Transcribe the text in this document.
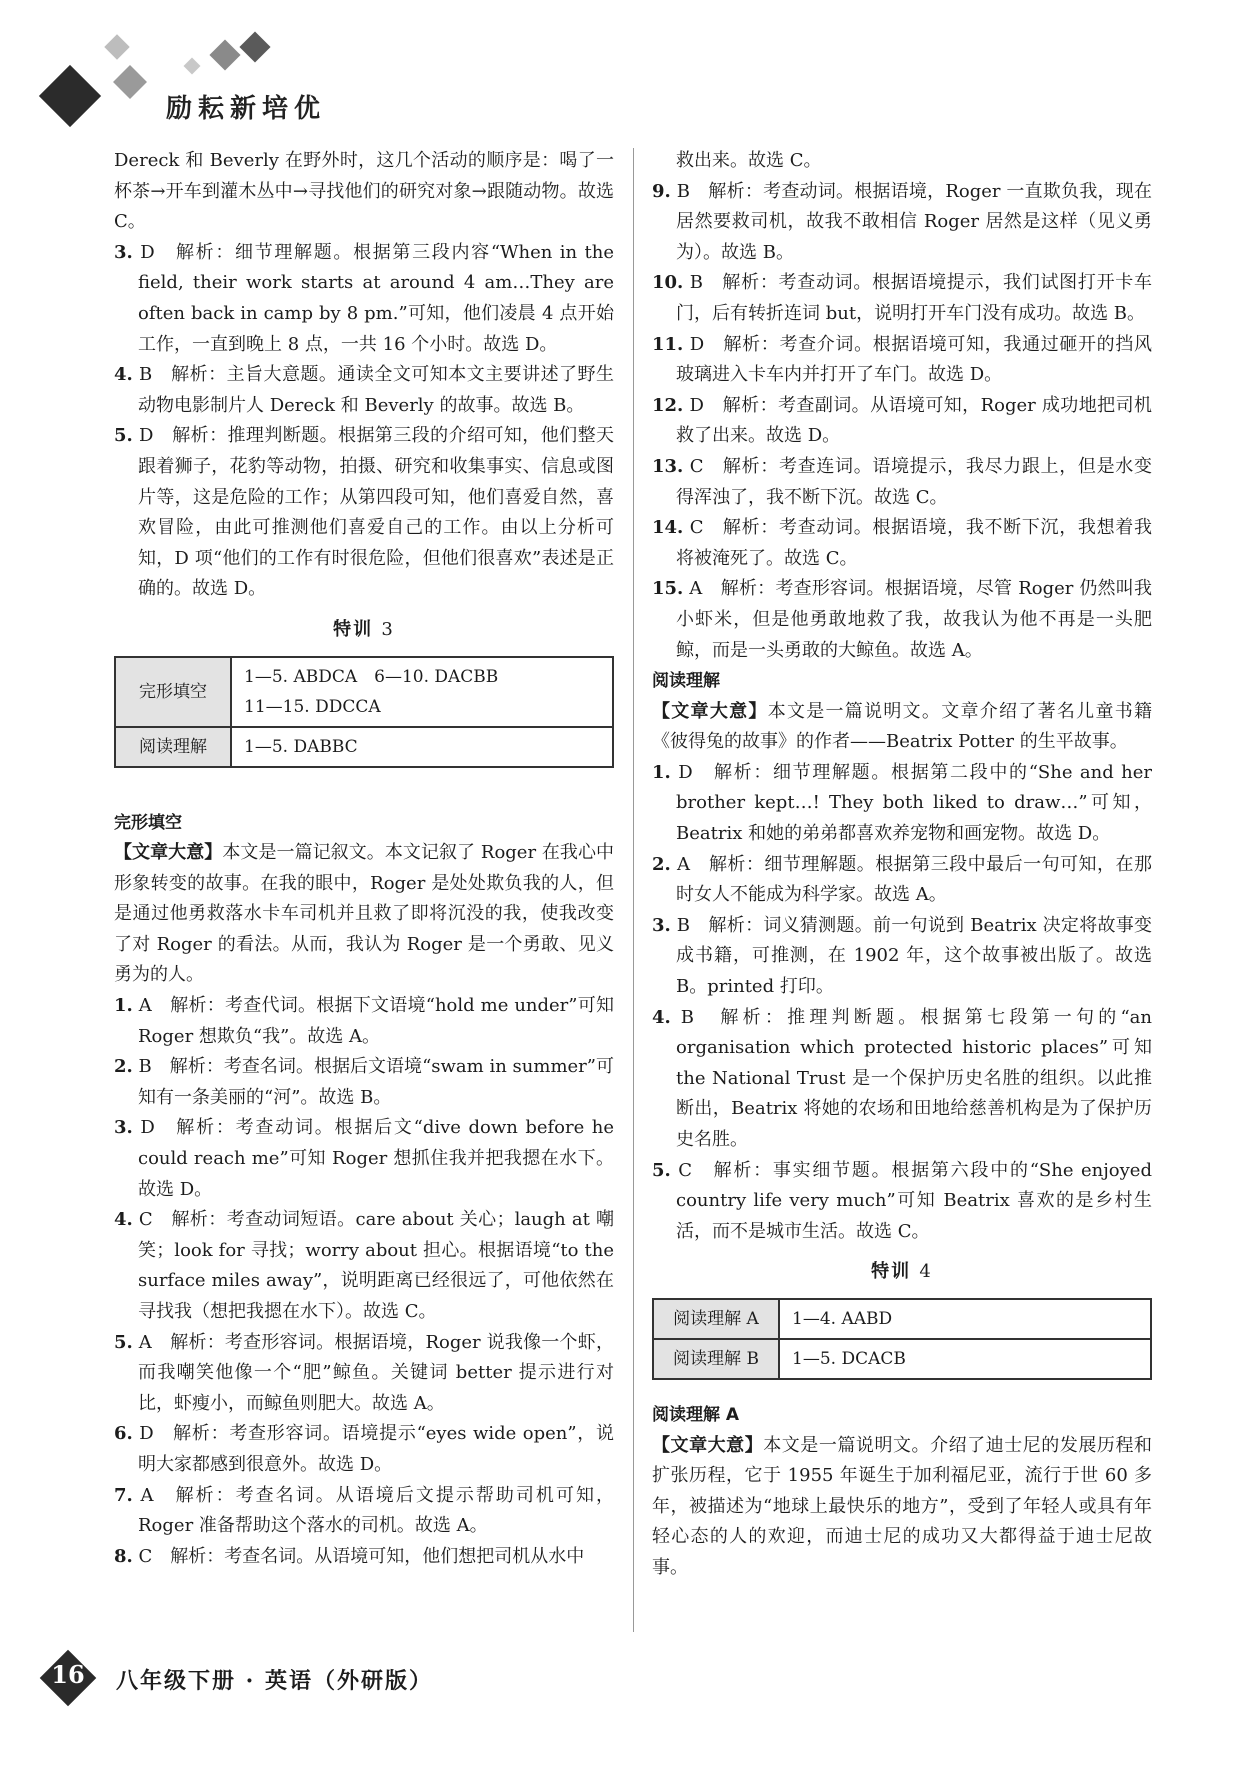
励耘新培优

Dereck 和 Beverly 在野外时，这几个活动的顺序是：喝了一杯茶→开车到灌木丛中→寻找他们的研究对象→跟随动物。故选 C。

3. D　解析：细节理解题。根据第三段内容“When in the field, their work starts at around 4 am…They are often back in camp by 8 pm.”可知，他们凌晨 4 点开始工作，一直到晚上 8 点，一共 16 个小时。故选 D。

4. B　解析：主旨大意题。通读全文可知本文主要讲述了野生动物电影制片人 Dereck 和 Beverly 的故事。故选 B。

5. D　解析：推理判断题。根据第三段的介绍可知，他们整天跟着狮子，花豹等动物，拍摄、研究和收集事实、信息或图片等，这是危险的工作；从第四段可知，他们喜爱自然，喜欢冒险，由此可推测他们喜爱自己的工作。由以上分析可知，D 项“他们的工作有时很危险，但他们很喜欢”表述是正确的。故选 D。

特训 3
完形填空	1—5. ABDCA　6—10. DACBB
11—15. DDCCA

阅读理解	1—5. DABBC

完形填空

【文章大意】本文是一篇记叙文。本文记叙了 Roger 在我心中形象转变的故事。在我的眼中，Roger 是处处欺负我的人，但是通过他勇救落水卡车司机并且救了即将沉没的我，使我改变了对 Roger 的看法。从而，我认为 Roger 是一个勇敢、见义勇为的人。

1. A　解析：考查代词。根据下文语境“hold me under”可知 Roger 想欺负“我”。故选 A。

2. B　解析：考查名词。根据后文语境“swam in summer”可知有一条美丽的“河”。故选 B。

3. D　解析：考查动词。根据后文“dive down before he could reach me”可知 Roger 想抓住我并把我摁在水下。故选 D。

4. C　解析：考查动词短语。care about 关心；laugh at 嘲笑；look for 寻找；worry about 担心。根据语境“to the surface miles away”，说明距离已经很远了，可他依然在寻找我（想把我摁在水下）。故选 C。

5. A　解析：考查形容词。根据语境，Roger 说我像一个虾，而我嘲笑他像一个“肥”鲸鱼。关键词 better 提示进行对比，虾瘦小，而鲸鱼则肥大。故选 A。

6. D　解析：考查形容词。语境提示“eyes wide open”，说明大家都感到很意外。故选 D。

7. A　解析：考查名词。从语境后文提示帮助司机可知，Roger 准备帮助这个落水的司机。故选 A。

8. C　解析：考查名词。从语境可知，他们想把司机从水中

救出来。故选 C。

9. B　解析：考查动词。根据语境，Roger 一直欺负我，现在居然要救司机，故我不敢相信 Roger 居然是这样（见义勇为）。故选 B。

10. B　解析：考查动词。根据语境提示，我们试图打开卡车门，后有转折连词 but，说明打开车门没有成功。故选 B。

11. D　解析：考查介词。根据语境可知，我通过砸开的挡风玻璃进入卡车内并打开了车门。故选 D。

12. D　解析：考查副词。从语境可知，Roger 成功地把司机救了出来。故选 D。

13. C　解析：考查连词。语境提示，我尽力跟上，但是水变得浑浊了，我不断下沉。故选 C。

14. C　解析：考查动词。根据语境，我不断下沉，我想着我将被淹死了。故选 C。

15. A　解析：考查形容词。根据语境，尽管 Roger 仍然叫我小虾米，但是他勇敢地救了我，故我认为他不再是一头肥鲸，而是一头勇敢的大鲸鱼。故选 A。

阅读理解

【文章大意】本文是一篇说明文。文章介绍了著名儿童书籍《彼得兔的故事》的作者——Beatrix Potter 的生平故事。

1. D　解析：细节理解题。根据第二段中的“She and her brother kept…! They both liked to draw…”可知，Beatrix 和她的弟弟都喜欢养宠物和画宠物。故选 D。

2. A　解析：细节理解题。根据第三段中最后一句可知，在那时女人不能成为科学家。故选 A。

3. B　解析：词义猜测题。前一句说到 Beatrix 决定将故事变成书籍，可推测，在 1902 年，这个故事被出版了。故选 B。printed 打印。

4. B　解析：推理判断题。根据第七段第一句的“an organisation which protected historic places”可知 the National Trust 是一个保护历史名胜的组织。以此推断出，Beatrix 将她的农场和田地给慈善机构是为了保护历史名胜。

5. C　解析：事实细节题。根据第六段中的“She enjoyed country life very much”可知 Beatrix 喜欢的是乡村生活，而不是城市生活。故选 C。

特训 4
阅读理解 A	1—4. AABD
阅读理解 B	1—5. DCACB

阅读理解 A

【文章大意】本文是一篇说明文。介绍了迪士尼的发展历程和扩张历程，它于 1955 年诞生于加利福尼亚，流行于世 60 多年，被描述为“地球上最快乐的地方”，受到了年轻人或具有年轻心态的人的欢迎，而迪士尼的成功又大都得益于迪士尼故事。

16	八年级下册 · 英语（外研版）
